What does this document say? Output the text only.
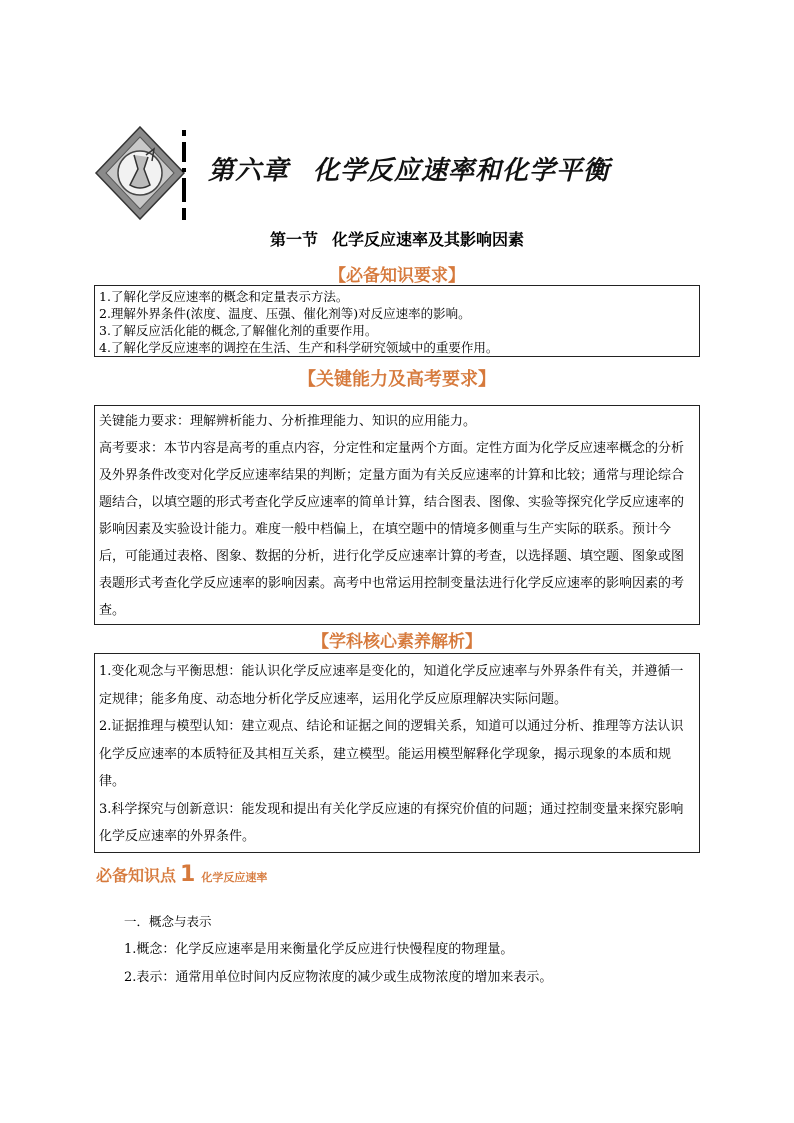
第六章 化学反应速率和化学平衡
第一节 化学反应速率及其影响因素
【必备知识要求】
1.了解化学反应速率的概念和定量表示方法。
2.理解外界条件(浓度、温度、压强、催化剂等)对反应速率的影响。
3.了解反应活化能的概念,了解催化剂的重要作用。
4.了解化学反应速率的调控在生活、生产和科学研究领域中的重要作用。
【关键能力及高考要求】

关键能力要求：理解辨析能力、分析推理能力、知识的应用能力。

高考要求：本节内容是高考的重点内容，分定性和定量两个方面。定性方面为化学反应速率概念的分析及外界条件改变对化学反应速率结果的判断；定量方面为有关反应速率的计算和比较；通常与理论综合题结合，以填空题的形式考查化学反应速率的简单计算，结合图表、图像、实验等探究化学反应速率的影响因素及实验设计能力。难度一般中档偏上，在填空题中的情境多侧重与生产实际的联系。预计今后，可能通过表格、图象、数据的分析，进行化学反应速率计算的考查，以选择题、填空题、图象或图表题形式考查化学反应速率的影响因素。高考中也常运用控制变量法进行化学反应速率的影响因素的考查。

【学科核心素养解析】

1.变化观念与平衡思想：能认识化学反应速率是变化的，知道化学反应速率与外界条件有关，并遵循一定规律；能多角度、动态地分析化学反应速率，运用化学反应原理解决实际问题。

2.证据推理与模型认知：建立观点、结论和证据之间的逻辑关系，知道可以通过分析、推理等方法认识化学反应速率的本质特征及其相互关系，建立模型。能运用模型解释化学现象，揭示现象的本质和规律。

3.科学探究与创新意识：能发现和提出有关化学反应速的有探究价值的问题；通过控制变量来探究影响化学反应速率的外界条件。

必备知识点 1 化学反应速率
一．概念与表示
1.概念：化学反应速率是用来衡量化学反应进行快慢程度的物理量。
2.表示：通常用单位时间内反应物浓度的减少或生成物浓度的增加来表示。
